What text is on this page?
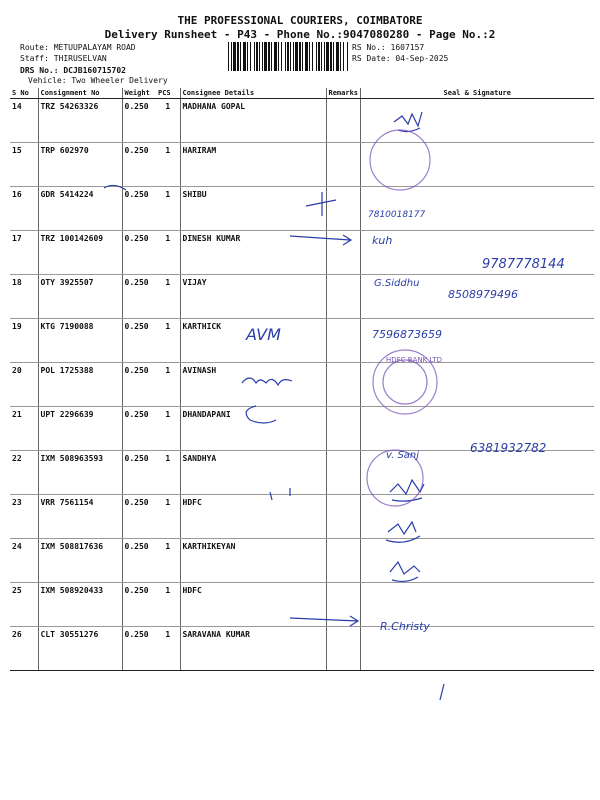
THE PROFESSIONAL COURIERS, COIMBATORE
Delivery Runsheet - P43 - Phone No.:9047080280 - Page No.:2
Route: METUUPALAYAM ROAD
Staff: THIRUSELVAN
DRS No.: DCJB160715702
Vehicle: Two Wheeler Delivery
RS No.: 1607157
RS Date: 04-Sep-2025
S No	Consignment No	Weight	PCS	Consignee Details	Remarks	Seal & Signature
14	TRZ 54263326	0.250	1	MADHANA GOPAL		
15	TRP 602970	0.250	1	HARIRAM		
16	GDR 5414224	0.250	1	SHIBU		
17	TRZ 100142609	0.250	1	DINESH KUMAR		
18	OTY 3925507	0.250	1	VIJAY		
19	KTG 7190088	0.250	1	KARTHICK		
20	POL 1725388	0.250	1	AVINASH		
21	UPT 2296639	0.250	1	DHANDAPANI		
22	IXM 508963593	0.250	1	SANDHYA		
23	VRR 7561154	0.250	1	HDFC		
24	IXM 508817636	0.250	1	KARTHIKEYAN		
25	IXM 508920433	0.250	1	HDFC		
26	CLT 30551276	0.250	1	SARAVANA KUMAR		
9787778144
8508979496
7596873659
6381932782
7810018177
G.Siddhu
AVM
kuh
v. Sanj
R.Christy
HDFC BANK LTD
